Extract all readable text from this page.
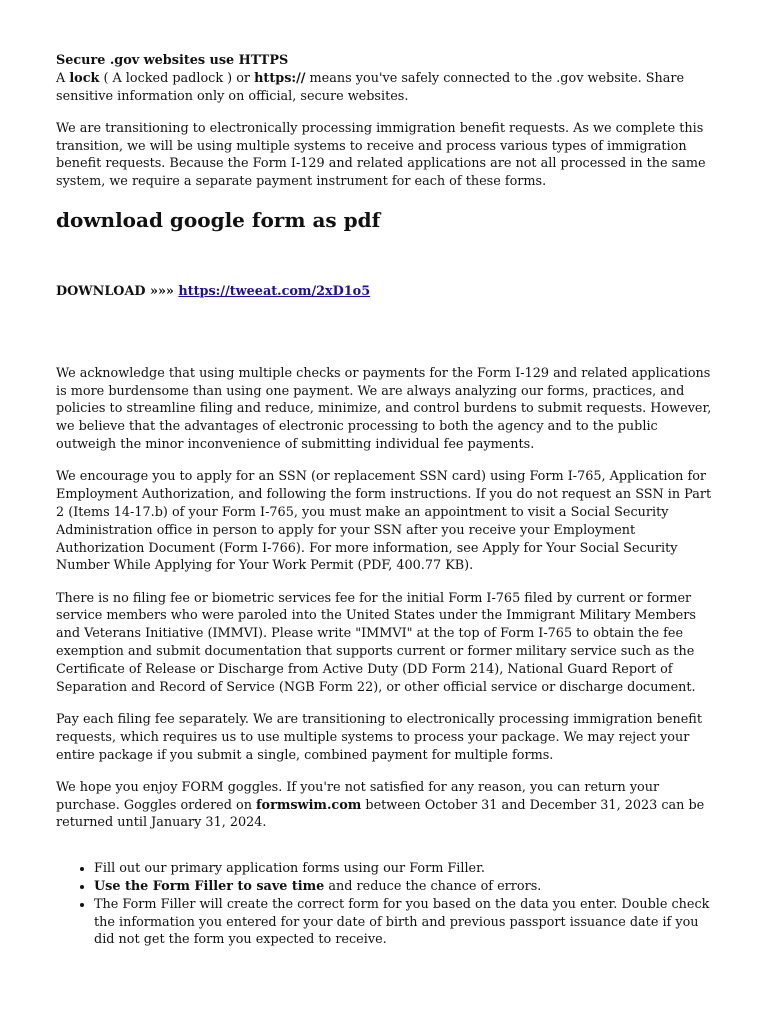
Secure .gov websites use HTTPS

A lock ( A locked padlock ) or https:// means you've safely connected to the .gov website. Share sensitive information only on official, secure websites.

We are transitioning to electronically processing immigration benefit requests. As we complete this transition, we will be using multiple systems to receive and process various types of immigration benefit requests. Because the Form I-129 and related applications are not all processed in the same system, we require a separate payment instrument for each of these forms.

download google form as pdf

DOWNLOAD »»» https://tweeat.com/2xD1o5

We acknowledge that using multiple checks or payments for the Form I-129 and related applications is more burdensome than using one payment. We are always analyzing our forms, practices, and policies to streamline filing and reduce, minimize, and control burdens to submit requests. However, we believe that the advantages of electronic processing to both the agency and to the public outweigh the minor inconvenience of submitting individual fee payments.

We encourage you to apply for an SSN (or replacement SSN card) using Form I-765, Application for Employment Authorization, and following the form instructions. If you do not request an SSN in Part 2 (Items 14-17.b) of your Form I-765, you must make an appointment to visit a Social Security Administration office in person to apply for your SSN after you receive your Employment Authorization Document (Form I-766). For more information, see Apply for Your Social Security Number While Applying for Your Work Permit (PDF, 400.77 KB).

There is no filing fee or biometric services fee for the initial Form I-765 filed by current or former service members who were paroled into the United States under the Immigrant Military Members and Veterans Initiative (IMMVI). Please write "IMMVI" at the top of Form I-765 to obtain the fee exemption and submit documentation that supports current or former military service such as the Certificate of Release or Discharge from Active Duty (DD Form 214), National Guard Report of Separation and Record of Service (NGB Form 22), or other official service or discharge document.

Pay each filing fee separately. We are transitioning to electronically processing immigration benefit requests, which requires us to use multiple systems to process your package. We may reject your entire package if you submit a single, combined payment for multiple forms.

We hope you enjoy FORM goggles. If you're not satisfied for any reason, you can return your purchase. Goggles ordered on formswim.com between October 31 and December 31, 2023 can be returned until January 31, 2024.

• Fill out our primary application forms using our Form Filler.
• Use the Form Filler to save time and reduce the chance of errors.
• The Form Filler will create the correct form for you based on the data you enter. Double check the information you entered for your date of birth and previous passport issuance date if you did not get the form you expected to receive.
